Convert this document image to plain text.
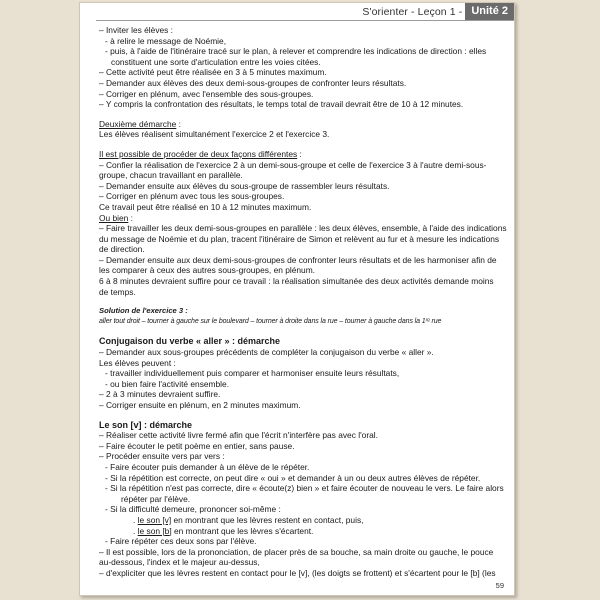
S'orienter - Leçon 1 - Unité 2

– Inviter les élèves :

- à relire le message de Noémie,

- puis, à l'aide de l'itinéraire tracé sur le plan, à relever et comprendre les indications de direction : elles

constituent une sorte d'articulation entre les voies citées.

– Cette activité peut être réalisée en 3 à 5 minutes maximum.

– Demander aux élèves des deux demi-sous-groupes de confronter leurs résultats.

– Corriger en plénum, avec l'ensemble des sous-groupes.

– Y compris la confrontation des résultats, le temps total de travail devrait être de 10 à 12 minutes.

Deuxième démarche :

Les élèves réalisent simultanément l'exercice 2 et l'exercice 3.

Il est possible de procéder de deux façons différentes :

– Confier la réalisation de l'exercice 2 à un demi-sous-groupe et celle de l'exercice 3 à l'autre demi-sous-

groupe, chacun travaillant en parallèle.

– Demander ensuite aux élèves du sous-groupe de rassembler leurs résultats.

– Corriger en plénum avec tous les sous-groupes.

Ce travail peut être réalisé en 10 à 12 minutes maximum.

Ou bien :

– Faire travailler les deux demi-sous-groupes en parallèle : les deux élèves, ensemble, à l'aide des indications

du message de Noémie et du plan, tracent l'itinéraire de Simon et relèvent au fur et à mesure les indications

de direction.

– Demander ensuite aux deux demi-sous-groupes de confronter leurs résultats et de les harmoniser afin de

les comparer à ceux des autres sous-groupes, en plénum.

6 à 8 minutes devraient suffire pour ce travail : la réalisation simultanée des deux activités demande moins

de temps.

Solution de l'exercice 3 :

aller tout droit – tourner à gauche sur le boulevard – tourner à droite dans la rue – tourner à gauche dans la 1ʳᵉ rue

Conjugaison du verbe « aller » : démarche

– Demander aux sous-groupes précédents de compléter la conjugaison du verbe « aller ».

Les élèves peuvent :

- travailler individuellement puis comparer et harmoniser ensuite leurs résultats,

- ou bien faire l'activité ensemble.

– 2 à 3 minutes devraient suffire.

– Corriger ensuite en plénum, en 2 minutes maximum.

Le son [v] : démarche

– Réaliser cette activité livre fermé afin que l'écrit n'interfère pas avec l'oral.

– Faire écouter le petit poème en entier, sans pause.

– Procéder ensuite vers par vers :

- Faire écouter puis demander à un élève de le répéter.

- Si la répétition est correcte, on peut dire « oui » et demander à un ou deux autres élèves de répéter.

- Si la répétition n'est pas correcte, dire « écoute(z) bien » et faire écouter de nouveau le vers. Le faire alors

répéter par l'élève.

- Si la difficulté demeure, prononcer soi-même :

. le son [v] en montrant que les lèvres restent en contact, puis,

. le son [b] en montrant que les lèvres s'écartent.

- Faire répéter ces deux sons par l'élève.

– Il est possible, lors de la prononciation, de placer près de sa bouche, sa main droite ou gauche, le pouce

au-dessous, l'index et le majeur au-dessus,

– d'expliciter que les lèvres restent en contact pour le [v], (les doigts se frottent) et s'écartent pour le [b] (les

59
